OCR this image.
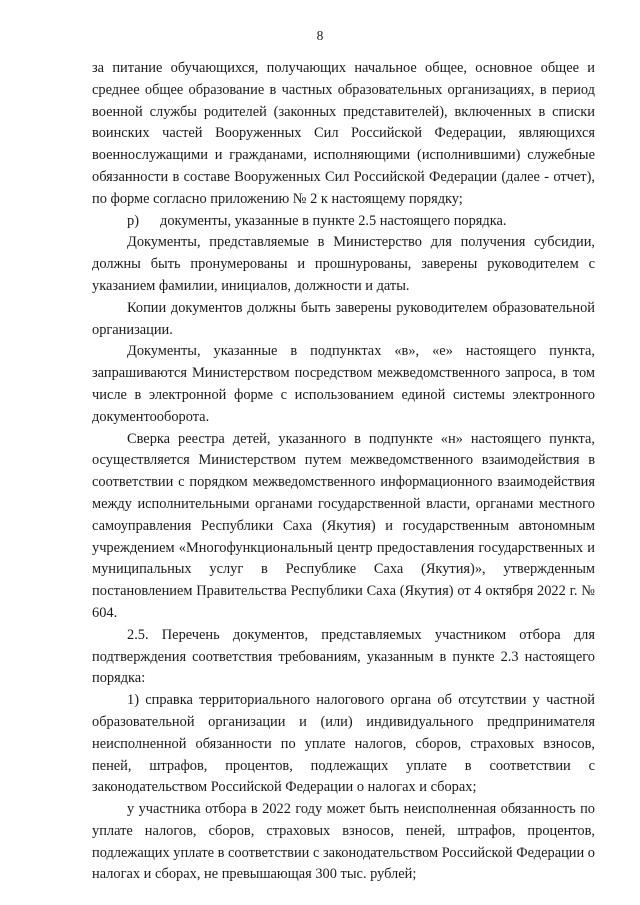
8

за питание обучающихся, получающих начальное общее, основное общее и среднее общее образование в частных образовательных организациях, в период военной службы родителей (законных представителей), включенных в списки воинских частей Вооруженных Сил Российской Федерации, являющихся военнослужащими и гражданами, исполняющими (исполнившими) служебные обязанности в составе Вооруженных Сил Российской Федерации (далее - отчет), по форме согласно приложению № 2 к настоящему порядку;

р) документы, указанные в пункте 2.5 настоящего порядка.

Документы, представляемые в Министерство для получения субсидии, должны быть пронумерованы и прошнурованы, заверены руководителем с указанием фамилии, инициалов, должности и даты.

Копии документов должны быть заверены руководителем образовательной организации.

Документы, указанные в подпунктах «в», «е» настоящего пункта, запрашиваются Министерством посредством межведомственного запроса, в том числе в электронной форме с использованием единой системы электронного документооборота.

Сверка реестра детей, указанного в подпункте «н» настоящего пункта, осуществляется Министерством путем межведомственного взаимодействия в соответствии с порядком межведомственного информационного взаимодействия между исполнительными органами государственной власти, органами местного самоуправления Республики Саха (Якутия) и государственным автономным учреждением «Многофункциональный центр предоставления государственных и муниципальных услуг в Республике Саха (Якутия)», утвержденным постановлением Правительства Республики Саха (Якутия) от 4 октября 2022 г. № 604.

2.5. Перечень документов, представляемых участником отбора для подтверждения соответствия требованиям, указанным в пункте 2.3 настоящего порядка:

1) справка территориального налогового органа об отсутствии у частной образовательной организации и (или) индивидуального предпринимателя неисполненной обязанности по уплате налогов, сборов, страховых взносов, пеней, штрафов, процентов, подлежащих уплате в соответствии с законодательством Российской Федерации о налогах и сборах;

у участника отбора в 2022 году может быть неисполненная обязанность по уплате налогов, сборов, страховых взносов, пеней, штрафов, процентов, подлежащих уплате в соответствии с законодательством Российской Федерации о налогах и сборах, не превышающая 300 тыс. рублей;
